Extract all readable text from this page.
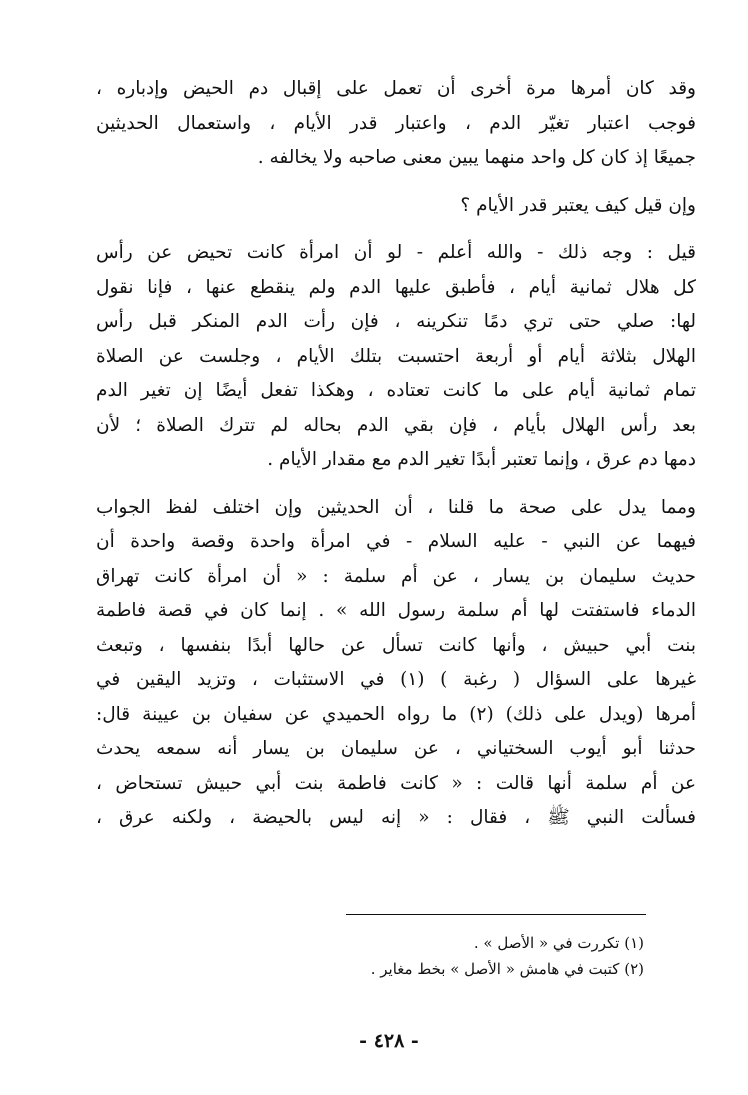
وقد كان أمرها مرة أخرى أن تعمل على إقبال دم الحيض وإدباره ،
فوجب اعتبار تغيّر الدم ، واعتبار قدر الأيام ، واستعمال الحديثين
جميعًا إذ كان كل واحد منهما يبين معنى صاحبه ولا يخالفه .

وإن قيل كيف يعتبر قدر الأيام ؟

قيل : وجه ذلك - والله أعلم - لو أن امرأة كانت تحيض عن رأس
كل هلال ثمانية أيام ، فأطبق عليها الدم ولم ينقطع عنها ، فإنا نقول
لها: صلي حتى تري دمًا تنكرينه ، فإن رأت الدم المنكر قبل رأس
الهلال بثلاثة أيام أو أربعة احتسبت بتلك الأيام ، وجلست عن الصلاة
تمام ثمانية أيام على ما كانت تعتاده ، وهكذا تفعل أيضًا إن تغير الدم
بعد رأس الهلال بأيام ، فإن بقي الدم بحاله لم تترك الصلاة ؛ لأن
دمها دم عرق ، وإنما تعتبر أبدًا تغير الدم مع مقدار الأيام .

ومما يدل على صحة ما قلنا ، أن الحديثين وإن اختلف لفظ الجواب
فيهما عن النبي - عليه السلام - في امرأة واحدة وقصة واحدة أن
حديث سليمان بن يسار ، عن أم سلمة : « أن امرأة كانت تهراق
الدماء فاستفتت لها أم سلمة رسول الله » . إنما كان في قصة فاطمة
بنت أبي حبيش ، وأنها كانت تسأل عن حالها أبدًا بنفسها ، وتبعث
غيرها على السؤال ( رغبة ) (١) في الاستثبات ، وتزيد اليقين في
أمرها (ويدل على ذلك) (٢) ما رواه الحميدي عن سفيان بن عيينة قال:
حدثنا أبو أيوب السختياني ، عن سليمان بن يسار أنه سمعه يحدث
عن أم سلمة أنها قالت : « كانت فاطمة بنت أبي حبيش تستحاض ،
فسألت النبي ﷺ ، فقال : « إنه ليس بالحيضة ، ولكنه عرق ،

(١) تكررت في « الأصل » .
(٢) كتبت في هامش « الأصل » بخط مغاير .
- ٤٢٨ -
